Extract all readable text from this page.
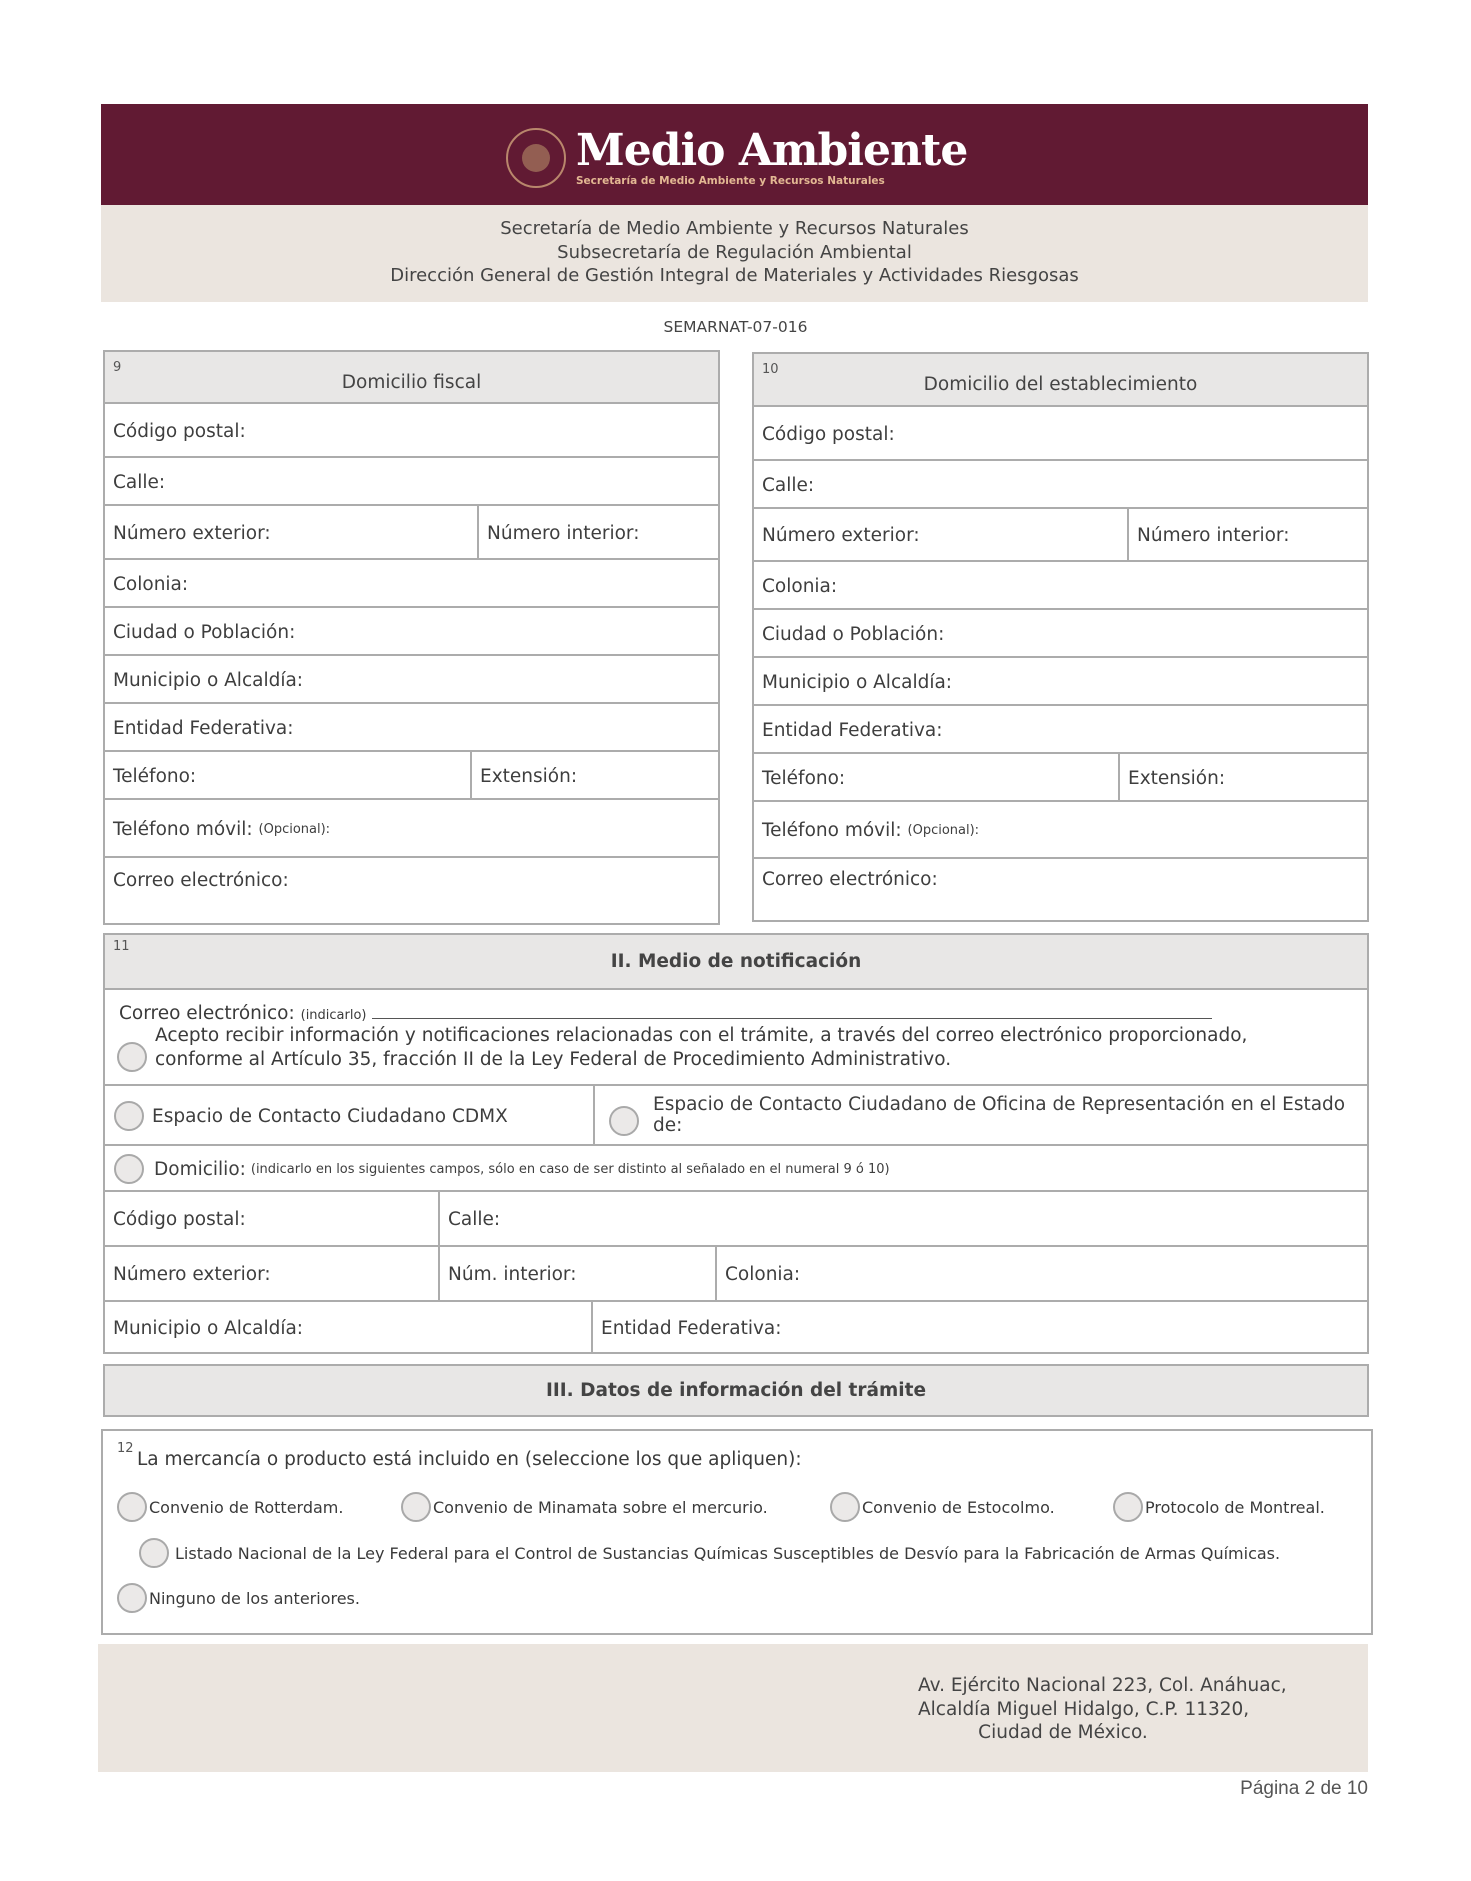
Medio Ambiente
Secretaría de Medio Ambiente y Recursos Naturales
Secretaría de Medio Ambiente y Recursos Naturales
Subsecretaría de Regulación Ambiental
Dirección General de Gestión Integral de Materiales y Actividades Riesgosas
SEMARNAT-07-016
9
Domicilio fiscal
Código postal:
Calle:
Número exterior:	Número interior:
Colonia:
Ciudad o Población:
Municipio o Alcaldía:
Entidad Federativa:
Teléfono:	Extensión:
Teléfono móvil:
(Opcional):
Correo electrónico:
10
Domicilio del establecimiento
Código postal:
Calle:
Número exterior:	Número interior:
Colonia:
Ciudad o Población:
Municipio o Alcaldía:
Entidad Federativa:
Teléfono:	Extensión:
Teléfono móvil:
(Opcional):
Correo electrónico:
11
II. Medio de notificación
Correo electrónico: (indicarlo)
Acepto recibir información y notificaciones relacionadas con el trámite, a través del correo electrónico proporcionado,
conforme al Artículo 35, fracción II de la Ley Federal de Procedimiento Administrativo.
Espacio de Contacto Ciudadano CDMX
Espacio de Contacto Ciudadano de Oficina de Representación en el Estado de:
Domicilio: (indicarlo en los siguientes campos, sólo en caso de ser distinto al señalado en el numeral 9 ó 10)
Código postal:	Calle:
Número exterior:	Núm. interior:	Colonia:
Municipio o Alcaldía:	Entidad Federativa:
III. Datos de información del trámite
12
La mercancía o producto está incluido en (seleccione los que apliquen):
Convenio de Rotterdam.	Convenio de Minamata sobre el mercurio.	Convenio de Estocolmo.	Protocolo de Montreal.
Listado Nacional de la Ley Federal para el Control de Sustancias Químicas Susceptibles de Desvío para la Fabricación de Armas Químicas.
Ninguno de los anteriores.
Av. Ejército Nacional 223, Col. Anáhuac,
Alcaldía Miguel Hidalgo, C.P. 11320,
Ciudad de México.
Página 2 de 10
